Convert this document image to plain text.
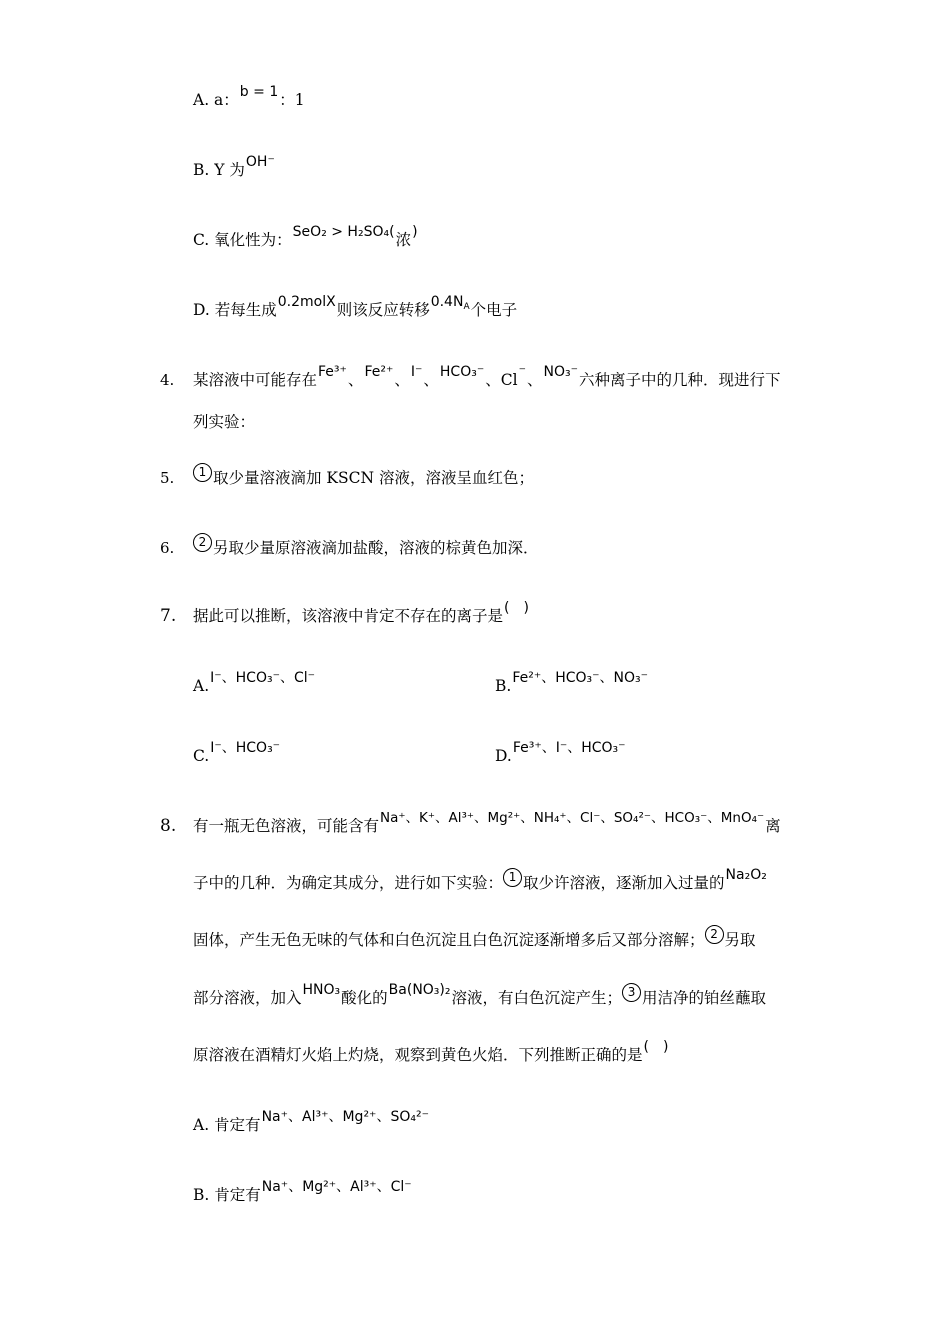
A. a：b = 1：1
B. Y 为OH⁻
C. 氧化性为：SeO₂ > H₂SO₄(浓)
D. 若每生成0.2molX则该反应转移$0.4N_A$个电子
4. 某溶液中可能存在Fe³⁺、Fe²⁺、I⁻、HCO₃⁻、Cl⁻、NO₃⁻六种离子中的几种．现进行下
列实验：
5.	1 取少量溶液滴加 KSCN 溶液，溶液呈血红色；
6.	2 另取少量原溶液滴加盐酸，溶液的棕黄色加深．
7. 据此可以推断，该溶液中肯定不存在的离子是(　)
A.I⁻、HCO₃⁻、Cl⁻	B.Fe²⁺、HCO₃⁻、NO₃⁻
C.I⁻、HCO₃⁻	D.Fe³⁺、I⁻、HCO₃⁻
8. 有一瓶无色溶液，可能含有Na⁺、K⁺、Al³⁺、Mg²⁺、NH₄⁺、Cl⁻、SO₄²⁻、HCO₃⁻、MnO₄⁻离
子中的几种．为确定其成分，进行如下实验： 1 取少许溶液，逐渐加入过量的Na₂O₂
固体，产生无色无味的气体和白色沉淀且白色沉淀逐渐增多后又部分溶解； 2 另取
部分溶液，加入HNO₃酸化的Ba(NO₃)₂溶液，有白色沉淀产生； 3 用洁净的铂丝蘸取
原溶液在酒精灯火焰上灼烧，观察到黄色火焰．下列推断正确的是(　)
A. 肯定有Na⁺、Al³⁺、Mg²⁺、SO₄²⁻
B. 肯定有Na⁺、Mg²⁺、Al³⁺、Cl⁻
